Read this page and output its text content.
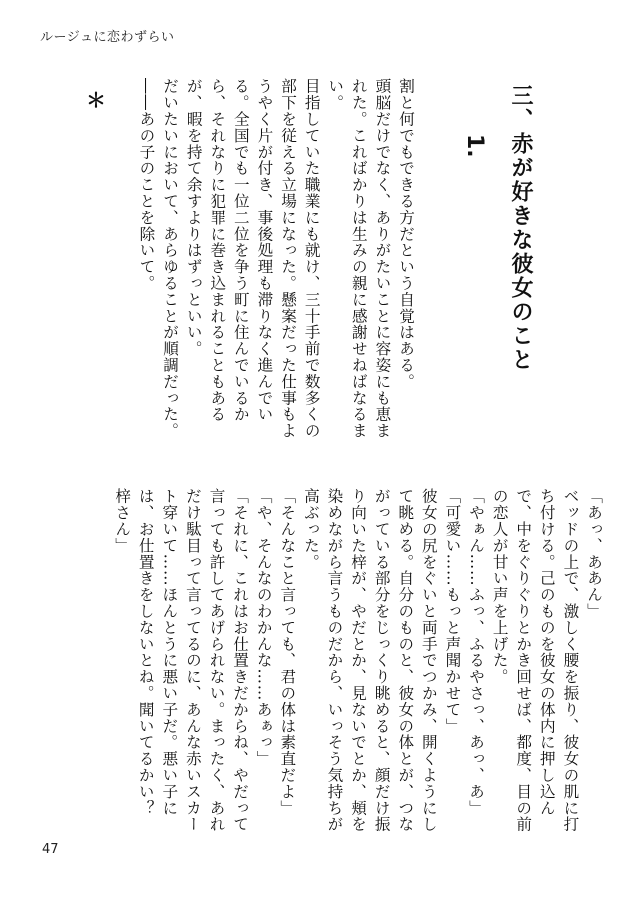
ルージュに恋わずらい
三、赤が好きな彼女のこと
1.

割と何でもできる方だという自覚はある。

頭脳だけでなく、ありがたいことに容姿にも恵まれた。こればかりは生みの親に感謝せねばなるまい。

目指していた職業にも就け、三十手前で数多くの部下を従える立場になった。懸案だった仕事もようやく片が付き、事後処理も滞りなく進んでいる。全国でも一位二位を争う町に住んでいるから、それなりに犯罪に巻き込まれることもあるが、暇を持て余すよりはずっといい。

だいたいにおいて、あらゆることが順調だった。

――あの子のことを除いて。

＊

「あっ、ああん」

ベッドの上で、激しく腰を振り、彼女の肌に打ち付ける。己のものを彼女の体内に押し込んで、中をぐりぐりとかき回せば、都度、目の前の恋人が甘い声を上げた。

「やぁん……ふっ、ふるやさっ、あっ、あ」

「可愛い……もっと声聞かせて」

彼女の尻をぐいと両手でつかみ、開くようにして眺める。自分のものと、彼女の体とが、つながっている部分をじっくり眺めると、顔だけ振り向いた梓が、やだとか、見ないでとか、頬を染めながら言うものだから、いっそう気持ちが高ぶった。

「そんなこと言っても、君の体は素直だよ」

「や、そんなのわかんな……あぁっ」

「それに、これはお仕置きだからね、やだって言っても許してあげられない。まったく、あれだけ駄目って言ってるのに、あんな赤いスカート穿いて……ほんとうに悪い子だ。悪い子には、お仕置きをしないとね。聞いてるかい？　梓さん」

47
